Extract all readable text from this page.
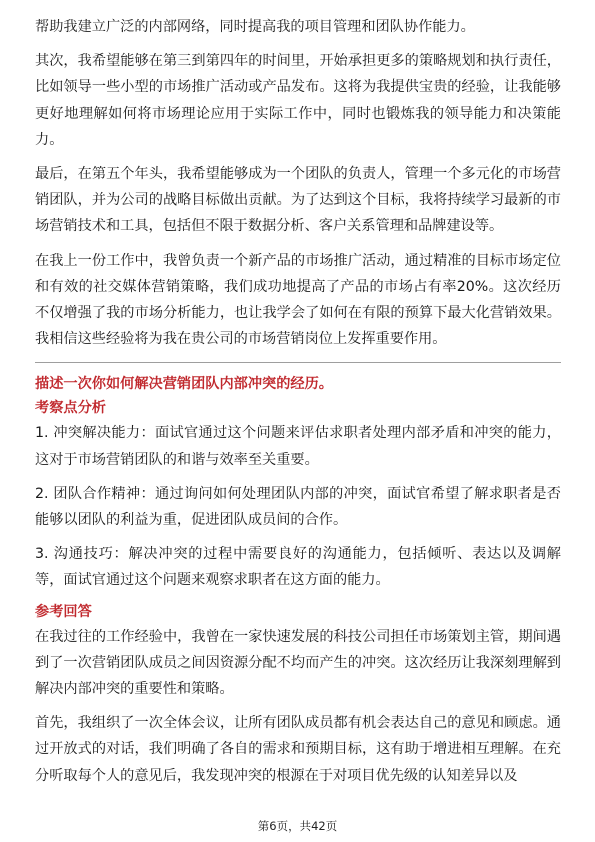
帮助我建立广泛的内部网络，同时提高我的项目管理和团队协作能力。

其次，我希望能够在第三到第四年的时间里，开始承担更多的策略规划和执行责任，比如领导一些小型的市场推广活动或产品发布。这将为我提供宝贵的经验，让我能够更好地理解如何将市场理论应用于实际工作中，同时也锻炼我的领导能力和决策能力。

最后，在第五个年头，我希望能够成为一个团队的负责人，管理一个多元化的市场营销团队，并为公司的战略目标做出贡献。为了达到这个目标，我将持续学习最新的市场营销技术和工具，包括但不限于数据分析、客户关系管理和品牌建设等。

在我上一份工作中，我曾负责一个新产品的市场推广活动，通过精准的目标市场定位和有效的社交媒体营销策略，我们成功地提高了产品的市场占有率20%。这次经历不仅增强了我的市场分析能力，也让我学会了如何在有限的预算下最大化营销效果。我相信这些经验将为我在贵公司的市场营销岗位上发挥重要作用。

描述一次你如何解决营销团队内部冲突的经历。

考察点分析

1. 冲突解决能力：面试官通过这个问题来评估求职者处理内部矛盾和冲突的能力，这对于市场营销团队的和谐与效率至关重要。

2. 团队合作精神：通过询问如何处理团队内部的冲突，面试官希望了解求职者是否能够以团队的利益为重，促进团队成员间的合作。

3. 沟通技巧：解决冲突的过程中需要良好的沟通能力，包括倾听、表达以及调解等，面试官通过这个问题来观察求职者在这方面的能力。

参考回答

在我过往的工作经验中，我曾在一家快速发展的科技公司担任市场策划主管，期间遇到了一次营销团队成员之间因资源分配不均而产生的冲突。这次经历让我深刻理解到解决内部冲突的重要性和策略。

首先，我组织了一次全体会议，让所有团队成员都有机会表达自己的意见和顾虑。通过开放式的对话，我们明确了各自的需求和预期目标，这有助于增进相互理解。在充分听取每个人的意见后，我发现冲突的根源在于对项目优先级的认知差异以及

第6页，共42页
